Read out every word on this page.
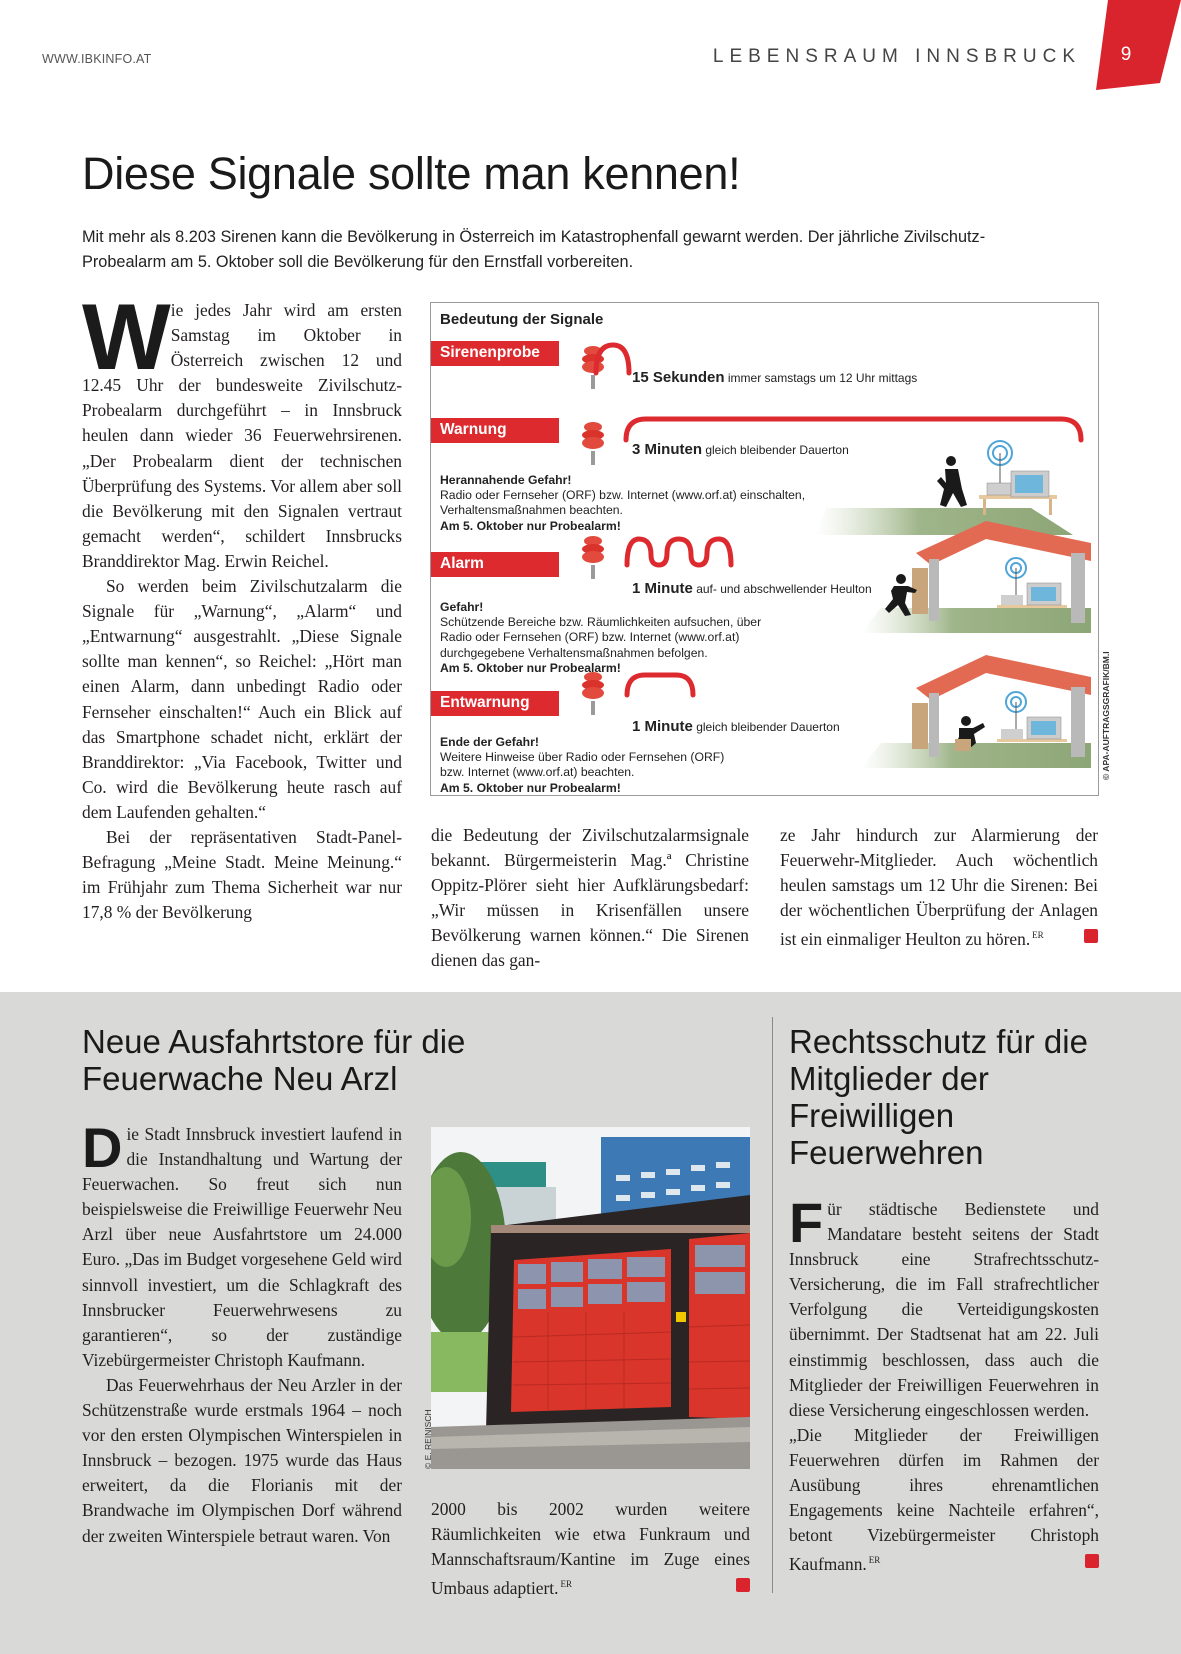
WWW.IBKINFO.AT	LEBENSRAUM INNSBRUCK	9
Diese Signale sollte man kennen!

Mit mehr als 8.203 Sirenen kann die Bevölkerung in Österreich im Katastrophenfall gewarnt werden. Der jährliche Zivilschutz-Probealarm am 5. Oktober soll die Bevölkerung für den Ernstfall vorbereiten.

W ie jedes Jahr wird am ersten Samstag im Oktober in Österreich zwischen 12 und 12.45 Uhr der bundesweite Zivilschutz-Probealarm durchgeführt – in Innsbruck heulen dann wieder 36 Feuerwehrsirenen. „Der Probealarm dient der technischen Überprüfung des Systems. Vor allem aber soll die Bevölkerung mit den Signalen vertraut gemacht werden“, schildert Innsbrucks Branddirektor Mag. Erwin Reichel.

So werden beim Zivilschutzalarm die Signale für „Warnung“, „Alarm“ und „Entwarnung“ ausgestrahlt. „Diese Signale sollte man kennen“, so Reichel: „Hört man einen Alarm, dann unbedingt Radio oder Fernseher einschalten!“ Auch ein Blick auf das Smartphone schadet nicht, erklärt der Branddirektor: „Via Facebook, Twitter und Co. wird die Bevölkerung heute rasch auf dem Laufenden gehalten.“

Bei der repräsentativen Stadt-Panel-Befragung „Meine Stadt. Meine Meinung.“ im Frühjahr zum Thema Sicherheit war nur 17,8 % der Bevölkerung

Bedeutung der Signale
Sirenenprobe
15 Sekunden immer samstags um 12 Uhr mittags
Warnung
3 Minuten gleich bleibender Dauerton
Herannahende Gefahr!
Radio oder Fernseher (ORF) bzw. Internet (www.orf.at) einschalten,
Verhaltensmaßnahmen beachten.
Am 5. Oktober nur Probealarm!
Alarm
1 Minute auf- und abschwellender Heulton
Gefahr!
Schützende Bereiche bzw. Räumlichkeiten aufsuchen, über
Radio oder Fernsehen (ORF) bzw. Internet (www.orf.at)
durchgegebene Verhaltensmaßnahmen befolgen.
Am 5. Oktober nur Probealarm!
Entwarnung
1 Minute gleich bleibender Dauerton
Ende der Gefahr!
Weitere Hinweise über Radio oder Fernsehen (ORF)
bzw. Internet (www.orf.at) beachten.
Am 5. Oktober nur Probealarm!
© APA-AUFTRAGSGRAFIK/BM.I

die Bedeutung der Zivilschutzalarmsignale bekannt. Bürgermeisterin Mag.ª Christine Oppitz-Plörer sieht hier Aufklärungsbedarf: „Wir müssen in Krisenfällen unsere Bevölkerung warnen können.“ Die Sirenen dienen das gan-

ze Jahr hindurch zur Alarmierung der Feuerwehr-Mitglieder. Auch wöchentlich heulen samstags um 12 Uhr die Sirenen: Bei der wöchentlichen Überprüfung der Anlagen ist ein einmaliger Heulton zu hören. $^{ER}$

Neue Ausfahrtstore für die Feuerwache Neu Arzl
D ie Stadt Innsbruck investiert laufend in die Instandhaltung und Wartung der Feuerwachen. So freut sich nun beispielsweise die Freiwillige Feuerwehr Neu Arzl über neue Ausfahrtstore um 24.000 Euro. „Das im Budget vorgesehene Geld wird sinnvoll investiert, um die Schlagkraft des Innsbrucker Feuerwehrwesens zu garantieren“, so der zuständige Vizebürgermeister Christoph Kaufmann.

Das Feuerwehrhaus der Neu Arzler in der Schützenstraße wurde erstmals 1964 – noch vor den ersten Olympischen Winterspielen in Innsbruck – bezogen. 1975 wurde das Haus erweitert, da die Florianis mit der Brandwache im Olympischen Dorf während der zweiten Winterspiele betraut waren. Von

© E. REINISCH

2000 bis 2002 wurden weitere Räumlichkeiten wie etwa Funkraum und Mannschaftsraum/Kantine im Zuge eines Umbaus adaptiert. $^{ER}$

Rechtsschutz für die Mitglieder der Freiwilligen Feuerwehren
F ür städtische Bedienstete und Mandatare besteht seitens der Stadt Innsbruck eine Strafrechtsschutz-Versicherung, die im Fall strafrechtlicher Verfolgung die Verteidigungskosten übernimmt. Der Stadtsenat hat am 22. Juli einstimmig beschlossen, dass auch die Mitglieder der Freiwilligen Feuerwehren in diese Versicherung eingeschlossen werden.

„Die Mitglieder der Freiwilligen Feuerwehren dürfen im Rahmen der Ausübung ihres ehrenamtlichen Engagements keine Nachteile erfahren“, betont Vizebürgermeister Christoph Kaufmann. $^{ER}$
